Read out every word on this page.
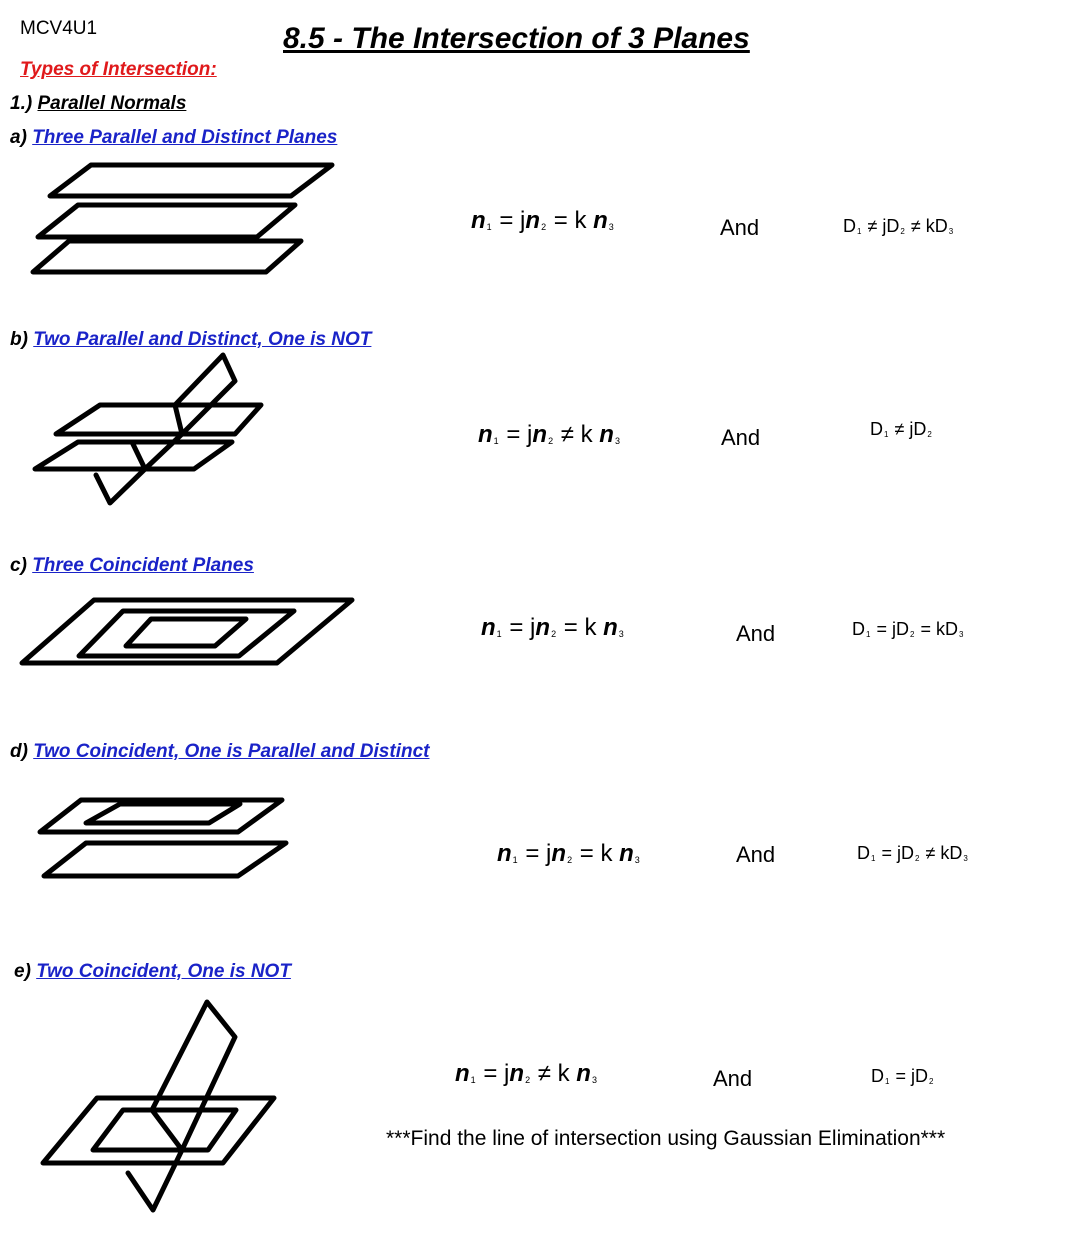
MCV4U1	8.5 - The Intersection of 3 Planes
Types of Intersection:
1.) Parallel Normals
a) Three Parallel and Distinct Planes
b) Two Parallel and Distinct, One is NOT
c) Three Coincident Planes
d) Two Coincident, One is Parallel and Distinct
e) Two Coincident, One is NOT
$n_1 = jn_2 = k$ $n_3$
$n_1 = jn_2 \ne k$ $n_3$
$n_1 = jn_2 = k$ $n_3$
$n_1 = jn_2 = k$ $n_3$
$n_1 = jn_2 \ne k$ $n_3$
And
And
And
And
And
$D_1 \ne jD_2 \ne kD_3$
$D_1 \ne jD_2$
$D_1 = jD_2 = kD_3$
$D_1 = jD_2 \ne kD_3$
$D_1 = jD_2$
***Find the line of intersection using Gaussian Elimination***
